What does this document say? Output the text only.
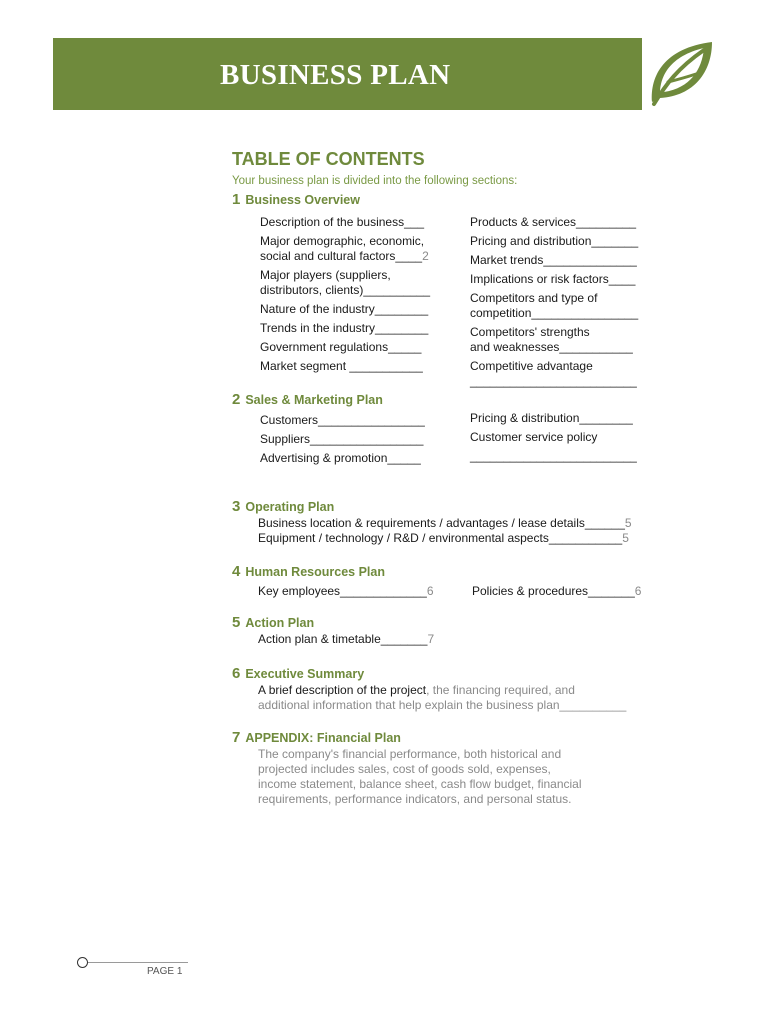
BUSINESS PLAN
TABLE OF CONTENTS
Your business plan is divided into the following sections:
1 Business Overview
Description of the business___
Major demographic, economic,
social and cultural factors____2
Major players (suppliers,
distributors, clients)__________
Nature of the industry________
Trends in the industry________
Government regulations_____
Market segment ___________
Products & services_________
Pricing and distribution_______
Market trends______________
Implications or risk factors____
Competitors and type of
competition________________
Competitors' strengths
and weaknesses___________
Competitive advantage
_________________________
2 Sales & Marketing Plan
Customers________________
Suppliers_________________
Advertising & promotion_____
Pricing & distribution________
Customer service policy
_________________________
3 Operating Plan
Business location & requirements / advantages / lease details______5
Equipment / technology / R&D / environmental aspects___________5
4 Human Resources Plan
Key employees_____________6	Policies & procedures_______6
5 Action Plan
Action plan & timetable_______7
6 Executive Summary
A brief description of the project, the financing required, and
additional information that help explain the business plan__________
7 APPENDIX: Financial Plan
The company's financial performance, both historical and
projected includes sales, cost of goods sold, expenses,
income statement, balance sheet, cash flow budget, financial
requirements, performance indicators, and personal status.
PAGE 1
